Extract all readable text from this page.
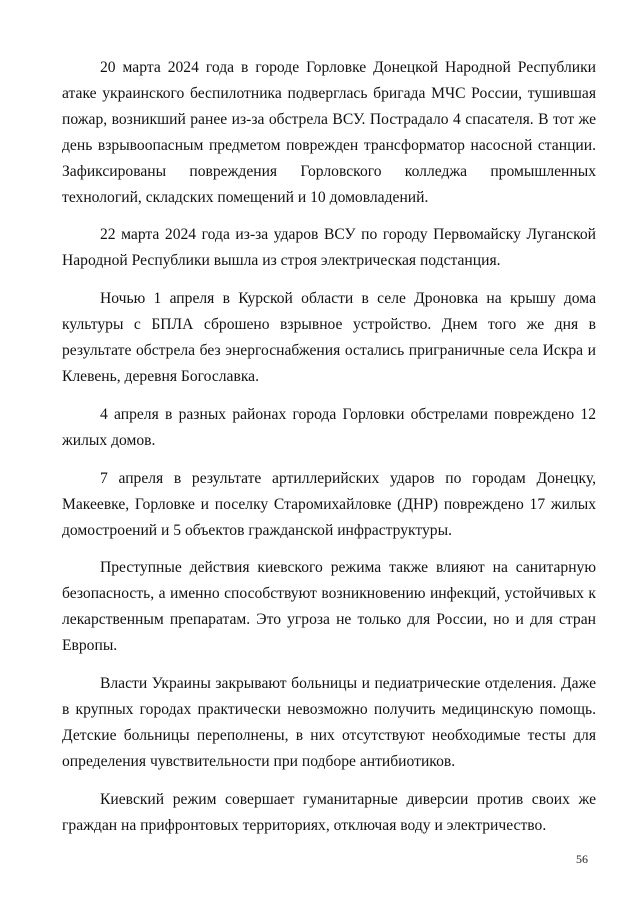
20 марта 2024 года в городе Горловке Донецкой Народной Республики атаке украинского беспилотника подверглась бригада МЧС России, тушившая пожар, возникший ранее из-за обстрела ВСУ. Пострадало 4 спасателя. В тот же день взрывоопасным предметом поврежден трансформатор насосной станции. Зафиксированы повреждения Горловского колледжа промышленных технологий, складских помещений и 10 домовладений.

22 марта 2024 года из-за ударов ВСУ по городу Первомайску Луганской Народной Республики вышла из строя электрическая подстанция.

Ночью 1 апреля в Курской области в селе Дроновка на крышу дома культуры с БПЛА сброшено взрывное устройство. Днем того же дня в результате обстрела без энергоснабжения остались приграничные села Искра и Клевень, деревня Богославка.

4 апреля в разных районах города Горловки обстрелами повреждено 12 жилых домов.

7 апреля в результате артиллерийских ударов по городам Донецку, Макеевке, Горловке и поселку Старомихайловке (ДНР) повреждено 17 жилых домостроений и 5 объектов гражданской инфраструктуры.

Преступные действия киевского режима также влияют на санитарную безопасность, а именно способствуют возникновению инфекций, устойчивых к лекарственным препаратам. Это угроза не только для России, но и для стран Европы.

Власти Украины закрывают больницы и педиатрические отделения. Даже в крупных городах практически невозможно получить медицинскую помощь. Детские больницы переполнены, в них отсутствуют необходимые тесты для определения чувствительности при подборе антибиотиков.

Киевский режим совершает гуманитарные диверсии против своих же граждан на прифронтовых территориях, отключая воду и электричество.

56
